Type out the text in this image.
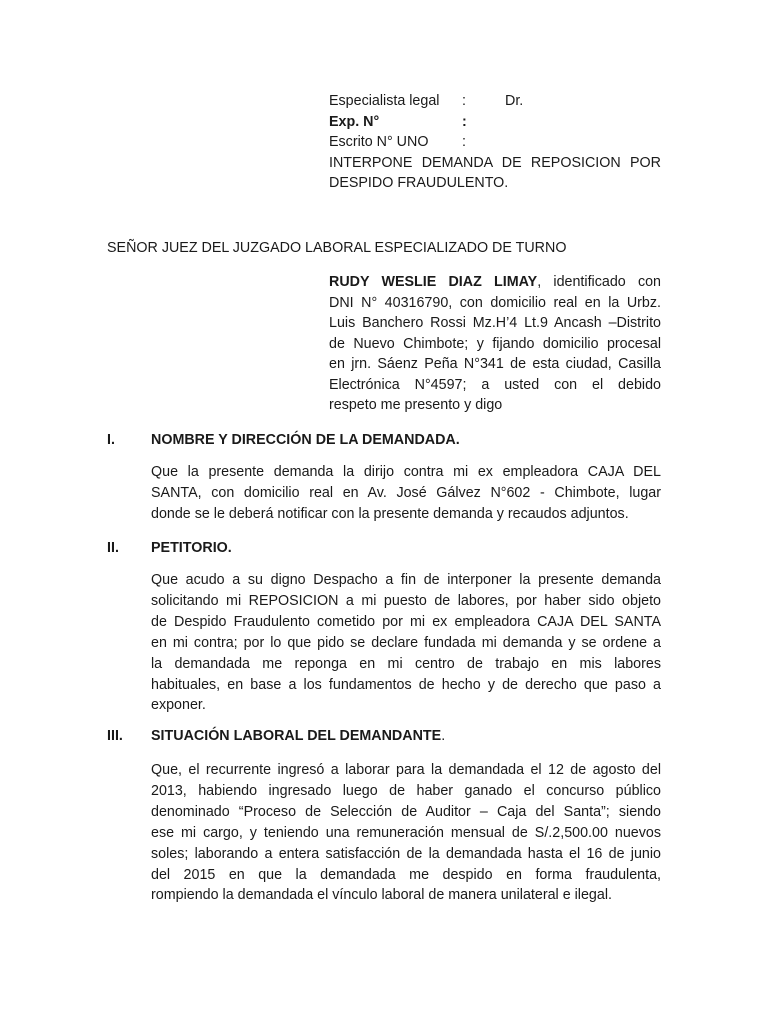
Especialista legal	:	Dr.
Exp. N°	:
Escrito N° UNO	:
INTERPONE DEMANDA DE REPOSICION POR
DESPIDO FRAUDULENTO.
SEÑOR JUEZ DEL JUZGADO LABORAL ESPECIALIZADO DE TURNO
RUDY WESLIE DIAZ LIMAY, identificado con
DNI N° 40316790, con domicilio real en la Urbz.
Luis Banchero Rossi Mz.H’4 Lt.9 Ancash –Distrito
de Nuevo Chimbote; y fijando domicilio procesal
en jrn. Sáenz Peña N°341 de esta ciudad, Casilla
Electrónica N°4597; a usted con el debido
respeto me presento y digo
I.	NOMBRE Y DIRECCIÓN DE LA DEMANDADA.
Que la presente demanda la dirijo contra mi ex empleadora CAJA DEL
SANTA, con domicilio real en Av. José Gálvez N°602 - Chimbote, lugar
donde se le deberá notificar con la presente demanda y recaudos adjuntos.
II. PETITORIO.
Que acudo a su digno Despacho a fin de interponer la presente demanda
solicitando mi REPOSICION a mi puesto de labores, por haber sido objeto
de Despido Fraudulento cometido por mi ex empleadora CAJA DEL SANTA
en mi contra; por lo que pido se declare fundada mi demanda y se ordene a
la demandada me reponga en mi centro de trabajo en mis labores
habituales, en base a los fundamentos de hecho y de derecho que paso a
exponer.
III. SITUACIÓN LABORAL DEL DEMANDANTE.
Que, el recurrente ingresó a laborar para la demandada el 12 de agosto del
2013, habiendo ingresado luego de haber ganado el concurso público
denominado “Proceso de Selección de Auditor – Caja del Santa”; siendo
ese mi cargo, y teniendo una remuneración mensual de S/.2,500.00 nuevos
soles; laborando a entera satisfacción de la demandada hasta el 16 de junio
del 2015 en que la demandada me despido en forma fraudulenta,
rompiendo la demandada el vínculo laboral de manera unilateral e ilegal.
